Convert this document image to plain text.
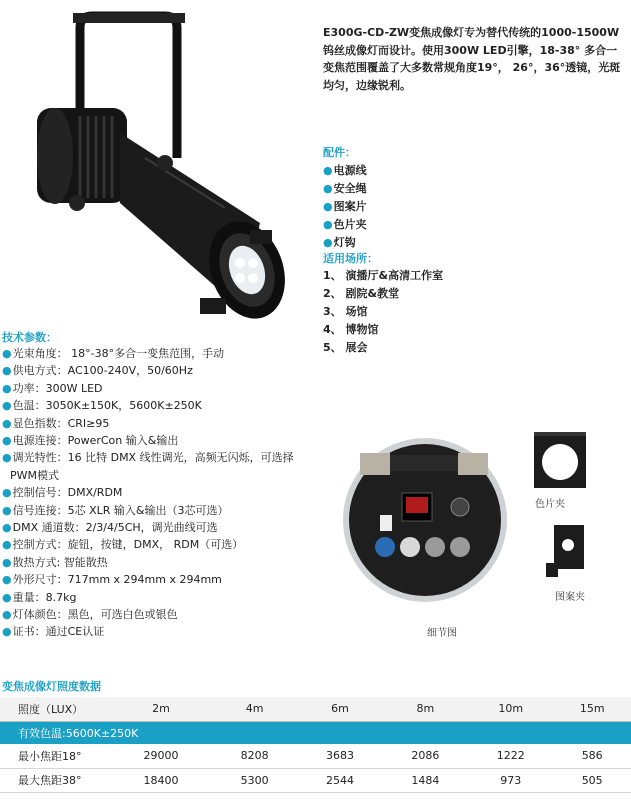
E300G-CD-ZW变焦成像灯专为替代传统的1000-1500W钨丝成像灯而设计。使用300W LED引擎，18-38° 多合一变焦范围覆盖了大多数常规角度19°， 26°，36°透镜，光斑均匀，边缘锐利。
配件：
●电源线
●安全绳
●图案片
●色片夹
●灯钩
适用场所：
1、 演播厅&高清工作室
2、 剧院&教堂
3、 场馆
4、 博物馆
5、 展会
技术参数：
●光束角度： 18°-38°多合一变焦范围，手动
●供电方式：AC100-240V，50/60Hz
●功率：300W LED
●色温：3050K±150K，5600K±250K
●显色指数：CRI≥95
●电源连接：PowerCon 输入&输出
●调光特性：16 比特 DMX 线性调光，高频无闪烁，可选择
PWM模式
●控制信号：DMX/RDM
●信号连接：5芯 XLR 输入&输出（3芯可选）
●DMX 通道数：2/3/4/5CH，调光曲线可选
●控制方式：旋钮，按键，DMX， RDM（可选）
●散热方式: 智能散热
●外形尺寸：717mm x 294mm x 294mm
●重量：8.7kg
●灯体颜色：黑色，可选白色或银色
●证书：通过CE认证	细节图
色片夹
图案夹
变焦成像灯照度数据
照度（LUX）	2m	4m	6m	8m	10m	15m
有效色温:5600K±250K						
最小焦距18°	29000	8208	3683	2086	1222	586
最大焦距38°	18400	5300	2544	1484	973	505
